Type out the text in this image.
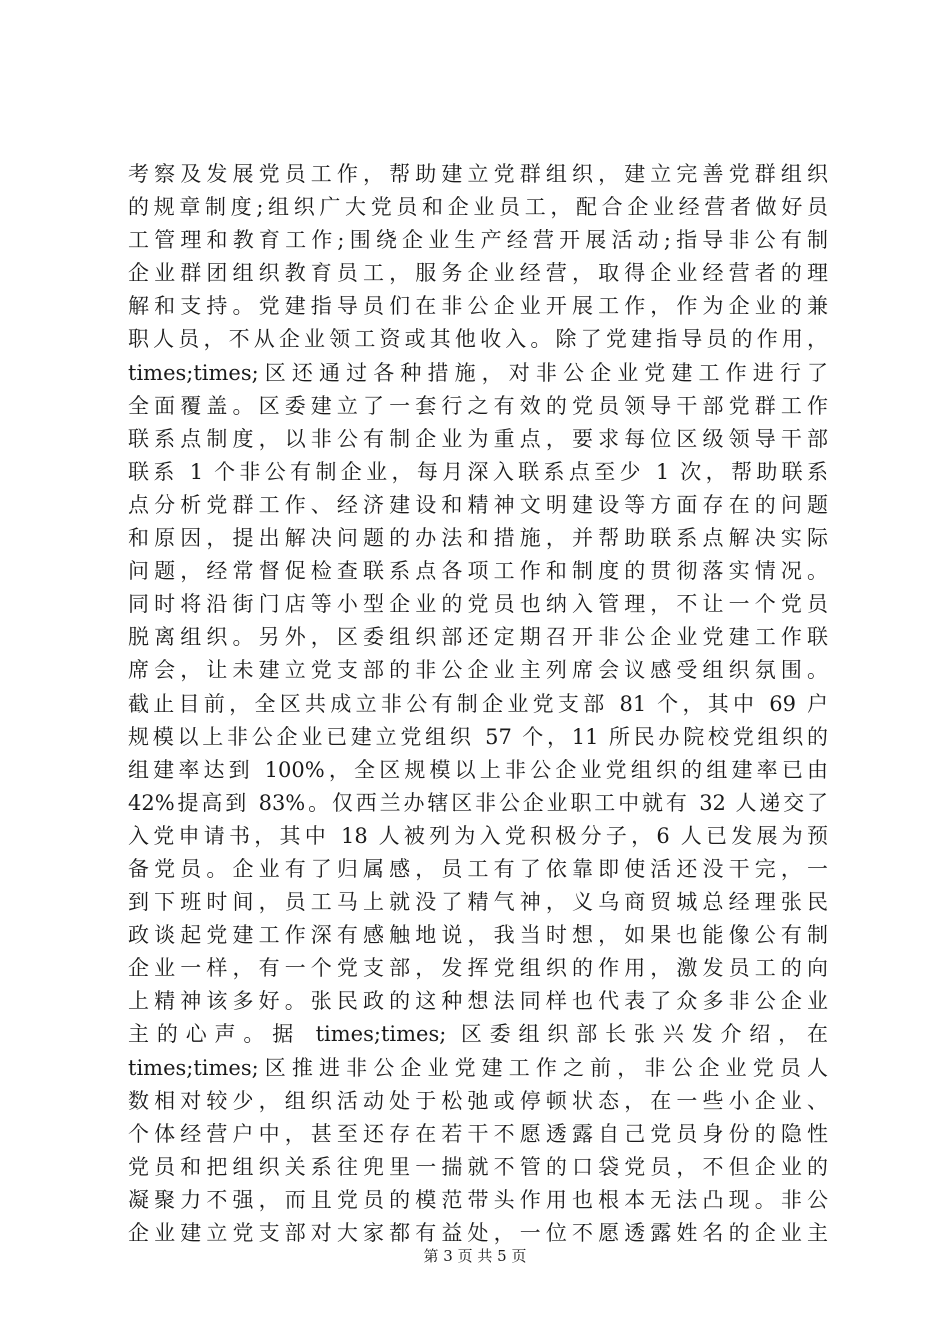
考察及发展党员工作，帮助建立党群组织，建立完善党群组织
的规章制度;组织广大党员和企业员工，配合企业经营者做好员
工管理和教育工作;围绕企业生产经营开展活动;指导非公有制
企业群团组织教育员工，服务企业经营，取得企业经营者的理
解和支持。党建指导员们在非公企业开展工作，作为企业的兼
职人员，不从企业领工资或其他收入。除了党建指导员的作用，
times;times;区还通过各种措施，对非公企业党建工作进行了
全面覆盖。区委建立了一套行之有效的党员领导干部党群工作
联系点制度，以非公有制企业为重点，要求每位区级领导干部
联系 1 个非公有制企业，每月深入联系点至少 1 次，帮助联系
点分析党群工作、经济建设和精神文明建设等方面存在的问题
和原因，提出解决问题的办法和措施，并帮助联系点解决实际
问题，经常督促检查联系点各项工作和制度的贯彻落实情况。
同时将沿街门店等小型企业的党员也纳入管理，不让一个党员
脱离组织。另外，区委组织部还定期召开非公企业党建工作联
席会，让未建立党支部的非公企业主列席会议感受组织氛围。
截止目前，全区共成立非公有制企业党支部 81 个，其中 69 户
规模以上非公企业已建立党组织 57 个，11 所民办院校党组织的
组建率达到 100%，全区规模以上非公企业党组织的组建率已由
42%提高到 83%。仅西兰办辖区非公企业职工中就有 32 人递交了
入党申请书，其中 18 人被列为入党积极分子，6 人已发展为预
备党员。企业有了归属感，员工有了依靠即使活还没干完，一
到下班时间，员工马上就没了精气神，义乌商贸城总经理张民
政谈起党建工作深有感触地说，我当时想，如果也能像公有制
企业一样，有一个党支部，发挥党组织的作用，激发员工的向
上精神该多好。张民政的这种想法同样也代表了众多非公企业
主的心声。据 times;times; 区委组织部长张兴发介绍，在
times;times;区推进非公企业党建工作之前，非公企业党员人
数相对较少，组织活动处于松弛或停顿状态，在一些小企业、
个体经营户中，甚至还存在若干不愿透露自己党员身份的隐性
党员和把组织关系往兜里一揣就不管的口袋党员，不但企业的
凝聚力不强，而且党员的模范带头作用也根本无法凸现。非公
企业建立党支部对大家都有益处，一位不愿透露姓名的企业主
第 3 页 共 5 页
